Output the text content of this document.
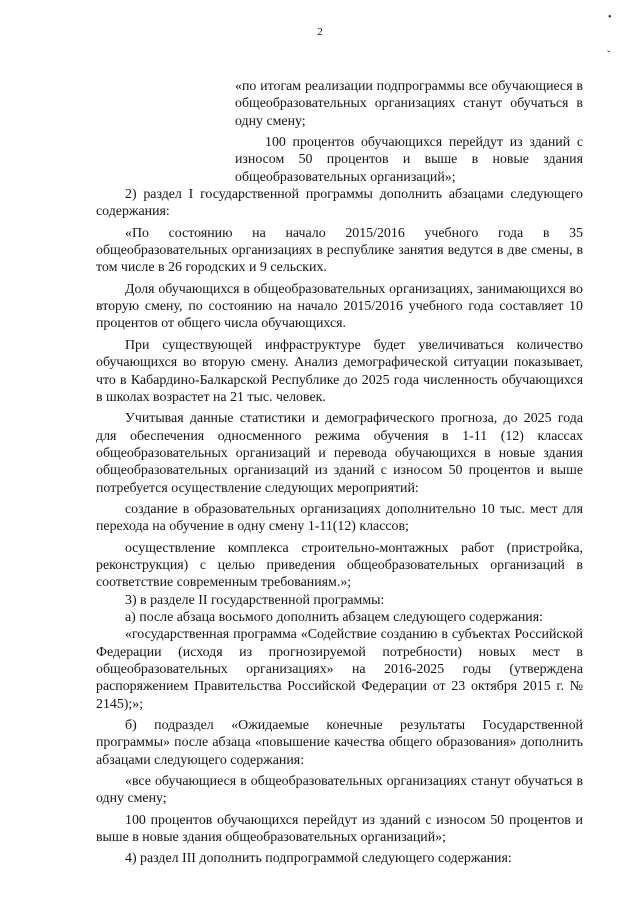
2
•
ˇ

«по итогам реализации подпрограммы все обучающиеся в общеобразовательных организациях станут обучаться в одну смену;

100 процентов обучающихся перейдут из зданий с износом 50 процентов и выше в новые здания общеобразовательных организаций»;

2) раздел I государственной программы дополнить абзацами следующего содержания:

«По состоянию на начало 2015/2016 учебного года в 35 общеобразовательных организациях в республике занятия ведутся в две смены, в том числе в 26 городских и 9 сельских.

Доля обучающихся в общеобразовательных организациях, занимающихся во вторую смену, по состоянию на начало 2015/2016 учебного года составляет 10 процентов от общего числа обучающихся.

При существующей инфраструктуре будет увеличиваться количество обучающихся во вторую смену. Анализ демографической ситуации показывает, что в Кабардино-Балкарской Республике до 2025 года численность обучающихся в школах возрастет на 21 тыс. человек.

Учитывая данные статистики и демографического прогноза, до 2025 года для обеспечения односменного режима обучения в 1-11 (12) классах общеобразовательных организаций и перевода обучающихся в новые здания общеобразовательных организаций из зданий с износом 50 процентов и выше потребуется осуществление следующих мероприятий:

создание в образовательных организациях дополнительно 10 тыс. мест для перехода на обучение в одну смену 1-11(12) классов;

осуществление комплекса строительно-монтажных работ (пристройка, реконструкция) с целью приведения общеобразовательных организаций в соответствие современным требованиям.»;

3) в разделе II государственной программы:

а) после абзаца восьмого дополнить абзацем следующего содержания:

«государственная программа «Содействие созданию в субъектах Российской Федерации (исходя из прогнозируемой потребности) новых мест в общеобразовательных организациях» на 2016-2025 годы (утверждена распоряжением Правительства Российской Федерации от 23 октября 2015 г. № 2145);»;

б) подраздел «Ожидаемые конечные результаты Государственной программы» после абзаца «повышение качества общего образования» дополнить абзацами следующего содержания:

«все обучающиеся в общеобразовательных организациях станут обучаться в одну смену;

100 процентов обучающихся перейдут из зданий с износом 50 процентов и выше в новые здания общеобразовательных организаций»;

4) раздел III дополнить подпрограммой следующего содержания:
